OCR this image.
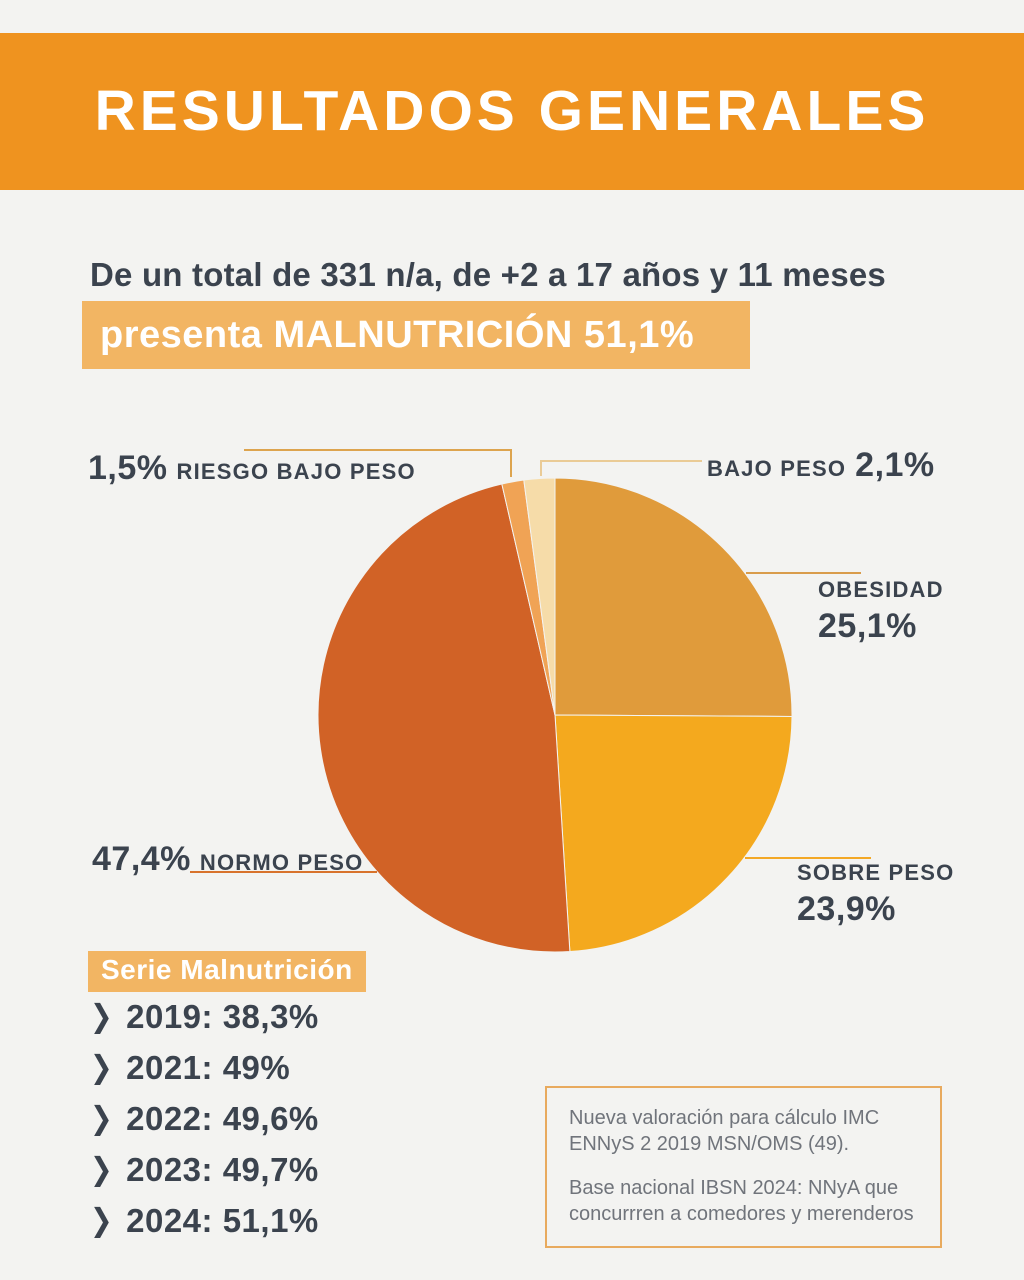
RESULTADOS GENERALES
De un total de 331 n/a, de +2 a 17 años y 11 meses
presenta MALNUTRICIÓN 51,1%
1,5% RIESGO BAJO PESO	BAJO PESO 2,1%
OBESIDAD
25,1%
SOBRE PESO
23,9%
47,4% NORMO PESO
Serie Malnutrición
❯ 2019: 38,3%
❯ 2021: 49%
❯ 2022: 49,6%
❯ 2023: 49,7%
❯ 2024: 51,1%

Nueva valoración para cálculo IMC ENNyS 2 2019 MSN/OMS (49).

Base nacional IBSN 2024: NNyA que concurrren a comedores y merenderos
